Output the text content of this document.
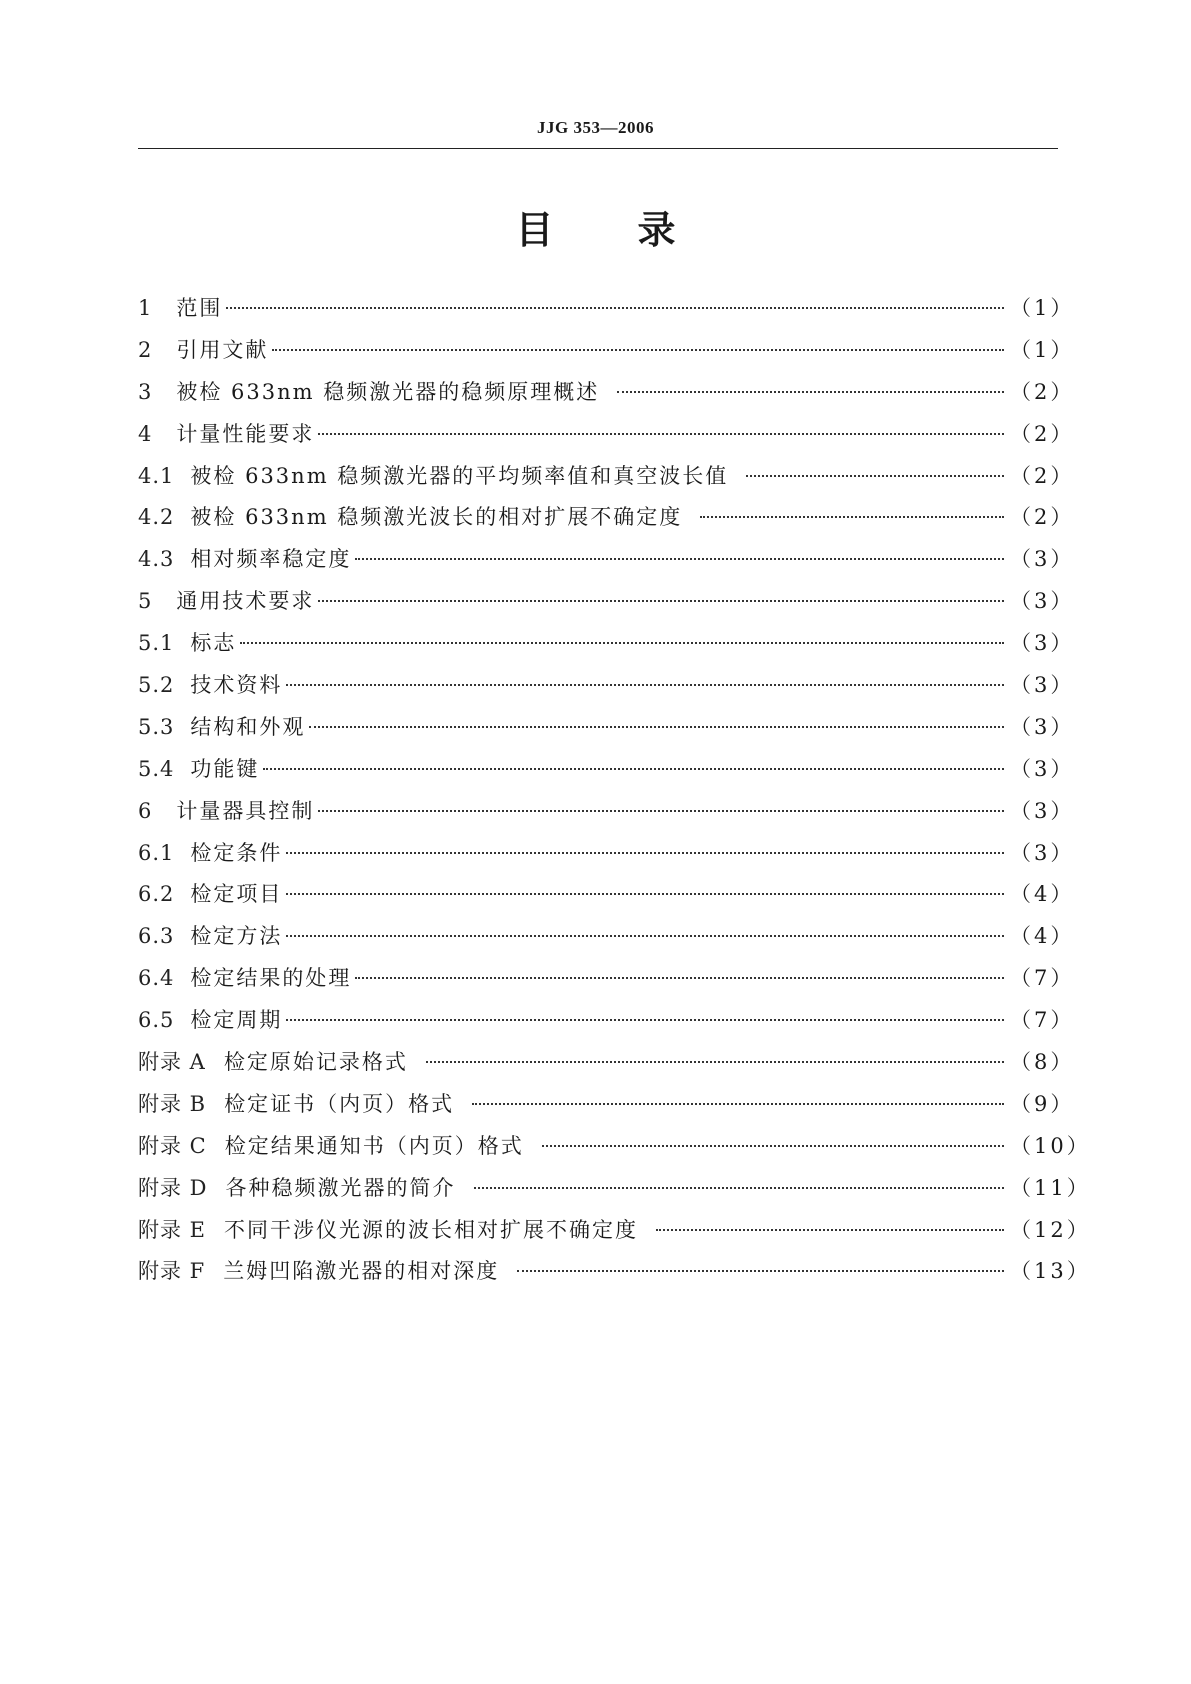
JJG 353—2006
目录
1 范围	（1）
2 引用文献	（1）
3 被检 633nm 稳频激光器的稳频原理概述	（2）
4 计量性能要求	（2）
4.1 被检 633nm 稳频激光器的平均频率值和真空波长值	（2）
4.2 被检 633nm 稳频激光波长的相对扩展不确定度	（2）
4.3 相对频率稳定度	（3）
5 通用技术要求	（3）
5.1 标志	（3）
5.2 技术资料	（3）
5.3 结构和外观	（3）
5.4 功能键	（3）
6 计量器具控制	（3）
6.1 检定条件	（3）
6.2 检定项目	（4）
6.3 检定方法	（4）
6.4 检定结果的处理	（7）
6.5 检定周期	（7）
附录 A 检定原始记录格式	（8）
附录 B 检定证书（内页）格式	（9）
附录 C 检定结果通知书（内页）格式	（10）
附录 D 各种稳频激光器的简介	（11）
附录 E 不同干涉仪光源的波长相对扩展不确定度	（12）
附录 F 兰姆凹陷激光器的相对深度	（13）
